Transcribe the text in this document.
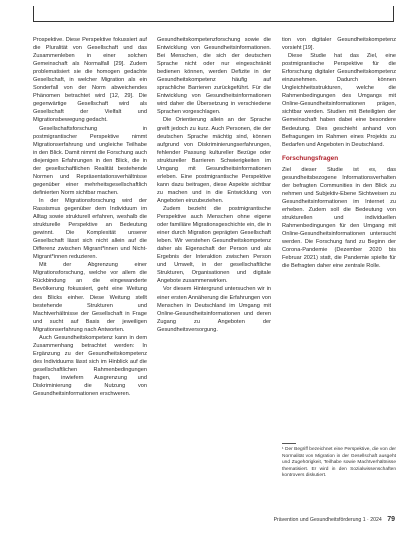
Prospektive. Diese Perspektive fokussiert auf die Pluralität von Gesellschaft und das Zusammenleben in einer solchen Gemeinschaft als Normalfall [29]. Zudem problematisiert sie die homogen gedachte Gesellschaft, in welcher Migration als ein Sonderfall von der Norm abweichendes Phänomen betrachtet wird [12, 29]. Die gegenwärtige Gesellschaft wird als Gesellschaft der Vielfalt und Migrationsbewegung gedacht.

Gesellschaftsforschung in postmigrantischer Perspektive nimmt Migrationserfahrung und ungleiche Teilhabe in den Blick. Damit nimmt die Forschung auch diejenigen Erfahrungen in den Blick, die in der gesellschaftlichen Realität bestehende Normen und Repräsentationsverhältnisse gegenüber einer mehrheitsgesellschaftlich definierten Norm sichtbar machen.

In der Migrationsforschung wird der Rassismus gegenüber dem Individuum im Alltag sowie strukturell erfahren, weshalb die strukturelle Perspektive an Bedeutung gewinnt. Die Komplexität unserer Gesellschaft lässt sich nicht allein auf die Differenz zwischen Migrant*innen und Nicht-Migrant*innen reduzieren.

Mit der Abgrenzung einer Migrationsforschung, welche vor allem die Rückbindung an die eingewanderte Bevölkerung fokussiert, geht eine Weitung des Blicks einher. Diese Weitung stellt bestehende Strukturen und Machtverhältnisse der Gesellschaft in Frage und sucht auf Basis der jeweiligen Migrationserfahrung nach Antworten.

Auch Gesundheitskompetenz kann in dem Zusammenhang betrachtet werden: In Ergänzung zu der Gesundheitskompetenz des Individuums lässt sich im Hinblick auf die gesellschaftlichen Rahmenbedingungen fragen, inwiefern Ausgrenzung und Diskriminierung die Nutzung von Gesundheitsinformationen erschweren.

Gesundheitskompetenzforschung sowie die Entwicklung von Gesundheitsinformationen. Bei Menschen, die sich der deutschen Sprache nicht oder nur eingeschränkt bedienen können, werden Defizite in der Gesundheitskompetenz häufig auf sprachliche Barrieren zurückgeführt. Für die Entwicklung von Gesundheitsinformationen wird daher die Übersetzung in verschiedene Sprachen vorgeschlagen.

Die Orientierung allein an der Sprache greift jedoch zu kurz. Auch Personen, die der deutschen Sprache mächtig sind, können aufgrund von Diskriminierungserfahrungen, fehlender Passung kultureller Bezüge oder struktureller Barrieren Schwierigkeiten im Umgang mit Gesundheitsinformationen erleben. Eine postmigrantische Perspektive kann dazu beitragen, diese Aspekte sichtbar zu machen und in die Entwicklung von Angeboten einzubeziehen.

Zudem bezieht die postmigrantische Perspektive auch Menschen ohne eigene oder familiäre Migrationsgeschichte ein, die in einer durch Migration geprägten Gesellschaft leben. Wir verstehen Gesundheitskompetenz daher als Eigenschaft der Person und als Ergebnis der Interaktion zwischen Person und Umwelt, in der gesellschaftliche Strukturen, Organisationen und digitale Angebote zusammenwirken.

Vor diesem Hintergrund untersuchen wir in einer ersten Annäherung die Erfahrungen von Menschen in Deutschland im Umgang mit Online-Gesundheitsinformationen und deren Zugang zu Angeboten der Gesundheitsversorgung.

tion von digitaler Gesundheitskompetenz vorsieht [19].

Diese Studie hat das Ziel, eine postmigrantische Perspektive für die Erforschung digitaler Gesundheitskompetenz einzunehmen. Dadurch können Ungleichheitsstrukturen, welche die Rahmenbedingungen des Umgangs mit Online-Gesundheitsinformationen prägen, sichtbar werden. Studien mit Beteiligten der Gemeinschaft haben dabei eine besondere Bedeutung. Dies geschieht anhand von Befragungen im Rahmen eines Projekts zu Bedarfen und Angeboten in Deutschland.

Forschungsfragen

Ziel dieser Studie ist es, das gesundheitsbezogene Informationsverhalten der befragten Communities in den Blick zu nehmen und Subjektiv-Ebene Sichtweisen zu Gesundheitsinformationen im Internet zu erheben. Zudem soll die Bedeutung von strukturellen und individuellen Rahmenbedingungen für den Umgang mit Online-Gesundheitsinformationen untersucht werden. Die Forschung fand zu Beginn der Corona-Pandemie (Dezember 2020 bis Februar 2021) statt, die Pandemie spielte für die Befragten daher eine zentrale Rolle.

¹ Der Begriff bezeichnet eine Perspektive, die von der Normalität von Migration in der Gesellschaft ausgeht und Zugehörigkeit, Teilhabe sowie Machtverhältnisse thematisiert. Er wird in den Sozialwissenschaften kontrovers diskutiert.
Prävention und Gesundheitsförderung 1 · 2024 79
